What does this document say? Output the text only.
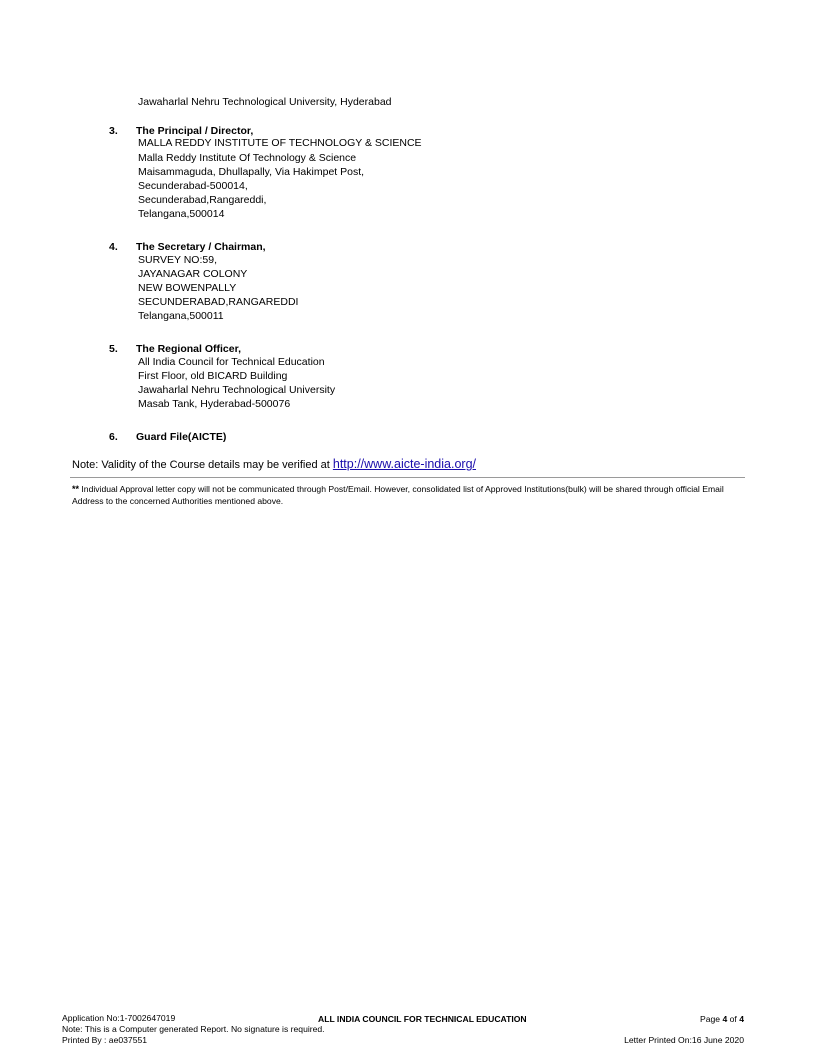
Jawaharlal Nehru Technological University, Hyderabad
3. The Principal / Director,
MALLA REDDY INSTITUTE OF TECHNOLOGY & SCIENCE
Malla Reddy Institute Of Technology & Science
Maisammaguda, Dhullapally, Via Hakimpet Post,
Secunderabad-500014,
Secunderabad,Rangareddi,
Telangana,500014
4. The Secretary / Chairman,
SURVEY NO:59,
JAYANAGAR COLONY
NEW BOWENPALLY
SECUNDERABAD,RANGAREDDI
Telangana,500011
5. The Regional Officer,
All India Council for Technical Education
First Floor, old BICARD Building
Jawaharlal Nehru Technological University
Masab Tank, Hyderabad-500076
6. Guard File(AICTE)
Note: Validity of the Course details may be verified at http://www.aicte-india.org/
** Individual Approval letter copy will not be communicated through Post/Email. However, consolidated list of Approved Institutions(bulk) will be shared through official Email Address to the concerned Authorities mentioned above.
Application No:1-7002647019
Note: This is a Computer generated Report. No signature is required.
Printed By : ae037551
ALL INDIA COUNCIL FOR TECHNICAL EDUCATION	Page 4 of 4
Letter Printed On:16 June 2020
